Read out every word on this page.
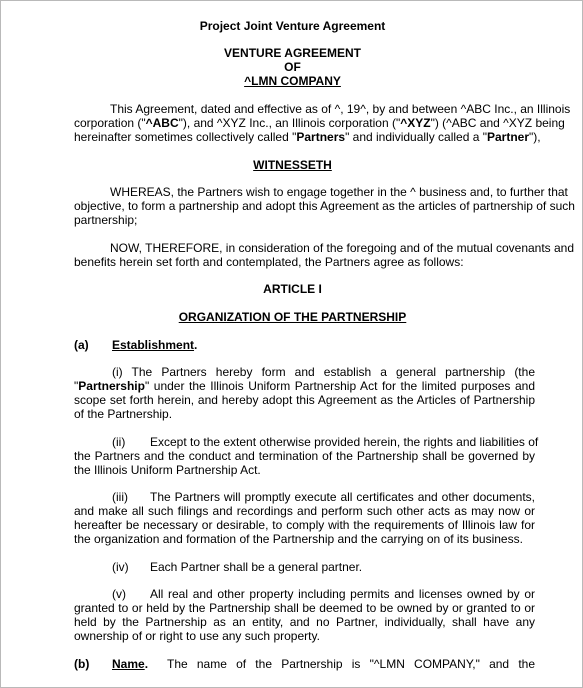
Project Joint Venture Agreement
VENTURE AGREEMENT
OF
^LMN COMPANY
This Agreement, dated and effective as of ^, 19^, by and between ^ABC Inc., an Illinois
corporation ("^ABC"), and ^XYZ Inc., an Illinois corporation ("^XYZ") (^ABC and ^XYZ being
hereinafter sometimes collectively called "Partners" and individually called a "Partner"),
WITNESSETH
WHEREAS, the Partners wish to engage together in the ^ business and, to further that
objective, to form a partnership and adopt this Agreement as the articles of partnership of such
partnership;
NOW, THEREFORE, in consideration of the foregoing and of the mutual covenants and
benefits herein set forth and contemplated, the Partners agree as follows:
ARTICLE I
ORGANIZATION OF THE PARTNERSHIP
(a) Establishment.
(i) The Partners hereby form and establish a general partnership (the
"Partnership" under the Illinois Uniform Partnership Act for the limited purposes and
scope set forth herein, and hereby adopt this Agreement as the Articles of Partnership
of the Partnership.
(ii) Except to the extent otherwise provided herein, the rights and liabilities of
the Partners and the conduct and termination of the Partnership shall be governed by
the Illinois Uniform Partnership Act.
(iii) The Partners will promptly execute all certificates and other documents,
and make all such filings and recordings and perform such other acts as may now or
hereafter be necessary or desirable, to comply with the requirements of Illinois law for
the organization and formation of the Partnership and the carrying on of its business.
(iv) Each Partner shall be a general partner.
(v) All real and other property including permits and licenses owned by or
granted to or held by the Partnership shall be deemed to be owned by or granted to or
held by the Partnership as an entity, and no Partner, individually, shall have any
ownership of or right to use any such property.
(b) Name. The name of the Partnership is "^LMN COMPANY," and the
